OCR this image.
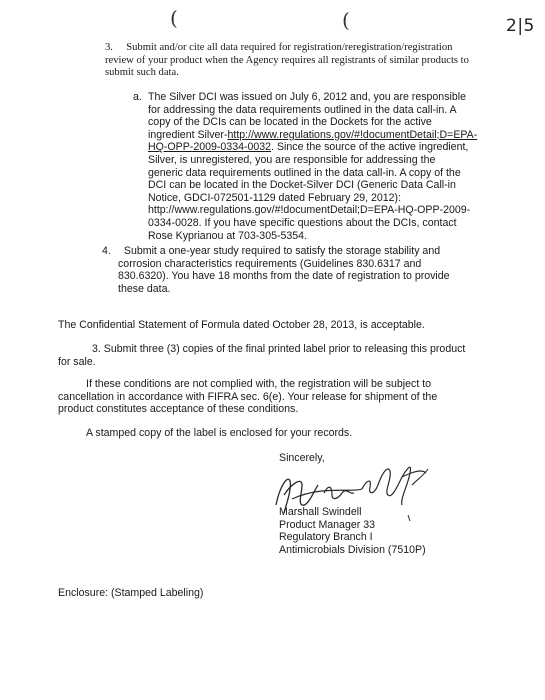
(	(	2|5

3. Submit and/or cite all data required for registration/reregistration/registration

review of your product when the Agency requires all registrants of similar products to

submit such data.

a. The Silver DCI was issued on July 6, 2012 and, you are responsible

for addressing the data requirements outlined in the data call-in. A

copy of the DCIs can be located in the Dockets for the active

ingredient Silver-http://www.regulations.gov/#!documentDetail;D=EPA-

HQ-OPP-2009-0334-0032. Since the source of the active ingredient,

Silver, is unregistered, you are responsible for addressing the

generic data requirements outlined in the data call-in. A copy of the

DCI can be located in the Docket-Silver DCI (Generic Data Call-in

Notice, GDCI-072501-1129 dated February 29, 2012):

http://www.regulations.gov/#!documentDetail;D=EPA-HQ-OPP-2009-

0334-0028. If you have specific questions about the DCIs, contact

Rose Kyprianou at 703-305-5354.

4.	Submit a one-year study required to satisfy the storage stability and

corrosion characteristics requirements (Guidelines 830.6317 and

830.6320). You have 18 months from the date of registration to provide

these data.

The Confidential Statement of Formula dated October 28, 2013, is acceptable.

3. Submit three (3) copies of the final printed label prior to releasing this product

for sale.

If these conditions are not complied with, the registration will be subject to

cancellation in accordance with FIFRA sec. 6(e). Your release for shipment of the

product constitutes acceptance of these conditions.

A stamped copy of the label is enclosed for your records.
Sincerely,

Marshall Swindell

Product Manager 33

Regulatory Branch I

Antimicrobials Division (7510P)

Enclosure: (Stamped Labeling)
